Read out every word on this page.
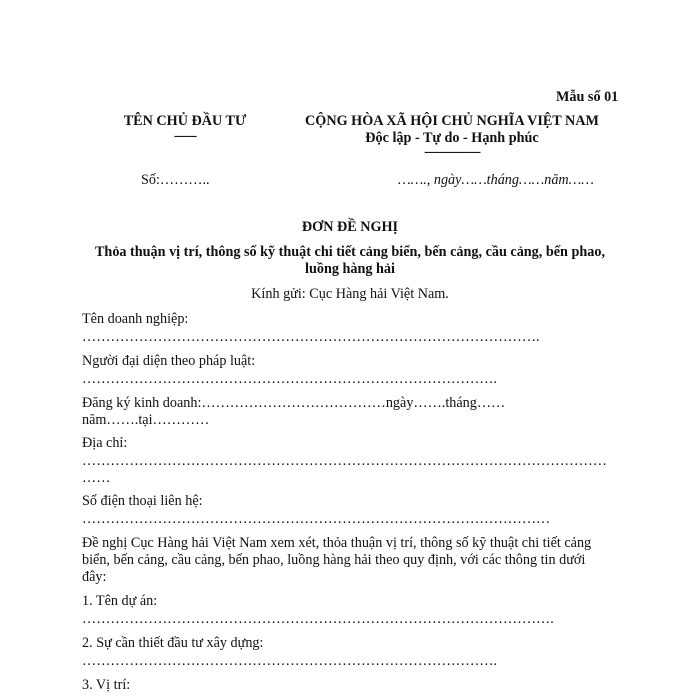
Mẫu số 01
TÊN CHỦ ĐẦU TƯ
------
CỘNG HÒA XÃ HỘI CHỦ NGHĨA VIỆT NAM
Độc lập - Tự do - Hạnh phúc
---------------
Số:………..	……., ngày……tháng……năm……
ĐƠN ĐỀ NGHỊ
Thỏa thuận vị trí, thông số kỹ thuật chi tiết cảng biển, bến cảng, cầu cảng, bến phao,
luồng hàng hải
Kính gửi: Cục Hàng hải Việt Nam.
Tên doanh nghiệp:
…………………………………………………………………………………….
Người đại diện theo pháp luật:
…………………………………………………………………………….
Đăng ký kinh doanh:…………………………………ngày…….tháng……
năm…….tại…………
Địa chỉ:
…………………………………………………………………………………………………
……
Số điện thoại liên hệ:
………………………………………………………………………………………
Đề nghị Cục Hàng hải Việt Nam xem xét, thỏa thuận vị trí, thông số kỹ thuật chi tiết cảng
biển, bến cảng, cầu cảng, bến phao, luồng hàng hải theo quy định, với các thông tin dưới
đây:
1. Tên dự án:
……………………………………………………………………………………….
2. Sự cần thiết đầu tư xây dựng:
…………………………………………………………………………….
3. Vị trí:
